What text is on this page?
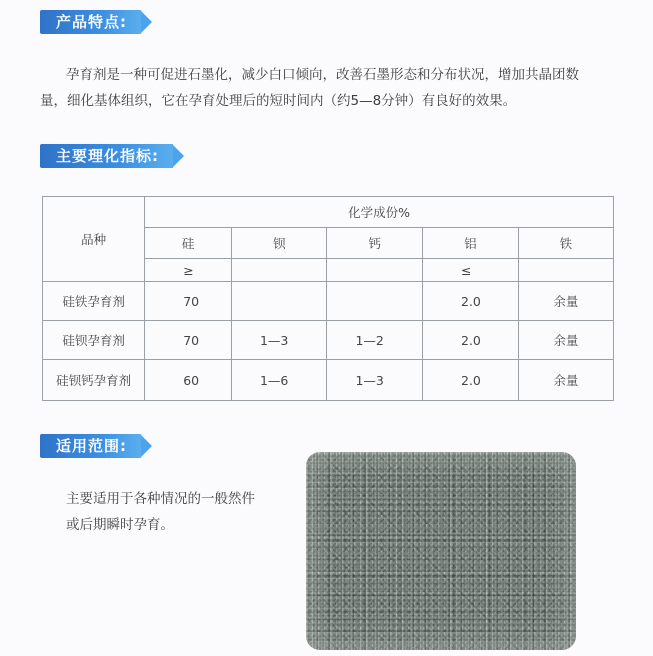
产品特点:
孕育剂是一种可促进石墨化，减少白口倾向，改善石墨形态和分布状况，增加共晶团数
量，细化基体组织，它在孕育处理后的短时间内（约5—8分钟）有良好的效果。
主要理化指标:
品种	化学成份%				
	硅	钡	钙	铝	铁
	≥			≤	
硅铁孕育剂	70			2.0	余量
硅钡孕育剂	70	1—3	1—2	2.0	余量
硅钡钙孕育剂	60	1—6	1—3	2.0	余量
适用范围:
主要适用于各种情况的一般然件
或后期瞬时孕育。
